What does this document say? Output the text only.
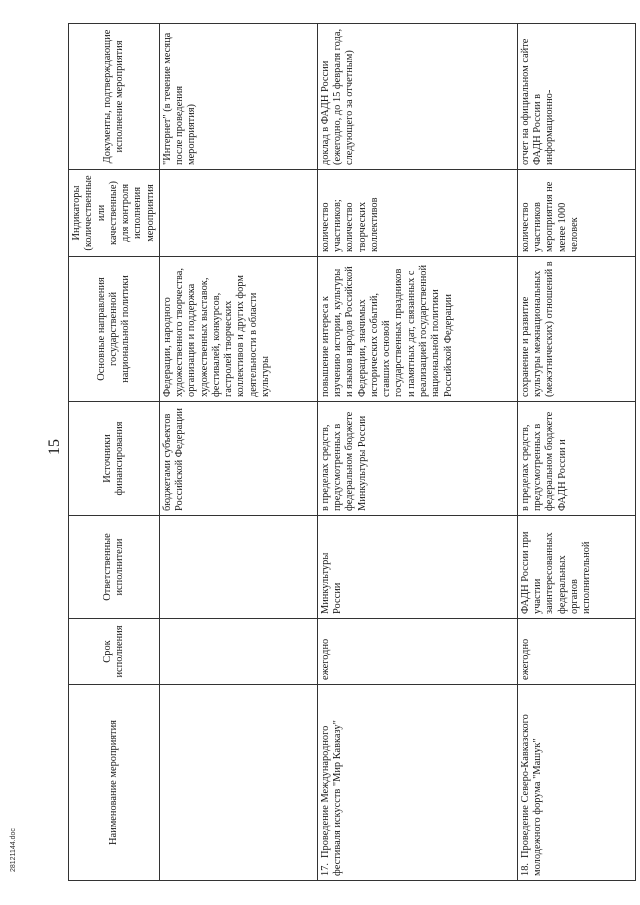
15
28121144.doc
Наименование мероприятия	Срок исполнения	Ответственные исполнители	Источники финансирования	Основные направления государственной национальной политики	Индикаторы (количественные или качественные) для контроля исполнения мероприятия	Документы, подтверждающие исполнение мероприятия
			бюджетами субъектов Российской Федерации	Федерации, народного художественного творчества, организация и поддержка художественных выставок, фестивалей, конкурсов, гастролей творческих коллективов и других форм деятельности в области культуры		"Интернет" (в течение месяца после проведения мероприятия)
17.Проведение Международного фестиваля искусств "Мир Кавказу"	ежегодно	Минкультуры России	в пределах средств, предусмотренных в федеральном бюджете Минкультуры России	повышение интереса к изучению истории, культуры и языков народов Российской Федерации, значимых исторических событий, ставших основой государственных праздников и памятных дат, связанных с реализацией государственной национальной политики Российской Федерации	количество участников; количество творческих коллективов	доклад в ФАДН России (ежегодно, до 15 февраля года, следующего за отчетным)
18.Проведение Северо-Кавказского молодежного форума "Машук"	ежегодно	ФАДН России при участии заинтересованных федеральных органов исполнительной	в пределах средств, предусмотренных в федеральном бюджете ФАДН России и	сохранение и развитие культуры межнациональных (межэтнических) отношений в	количество участников мероприятия не менее 1000 человек	отчет на официальном сайте ФАДН России в информационно-
